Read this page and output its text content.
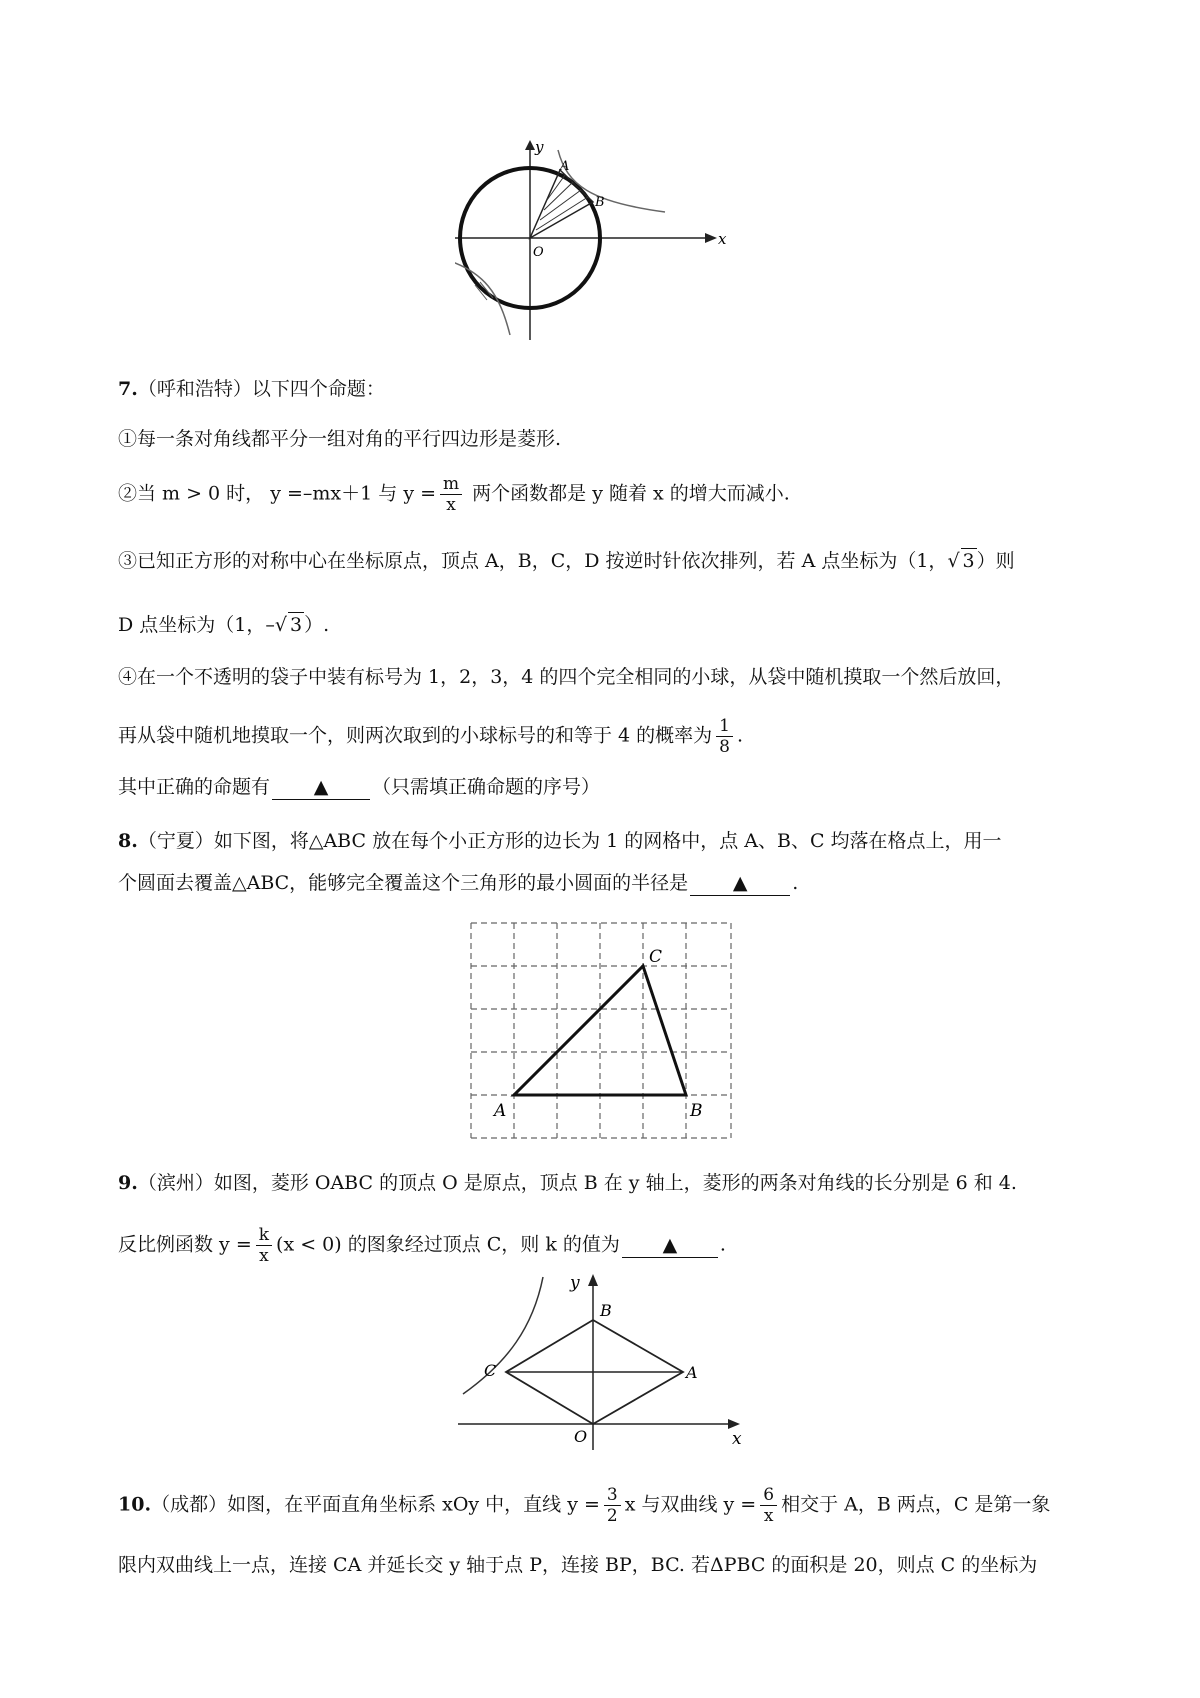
y
x
A
B
O
7.（呼和浩特）以下四个命题：
①每一条对角线都平分一组对角的平行四边形是菱形.
②当 m > 0 时， y =–mx＋1 与 $y = \frac{m}{x}$ 两个函数都是 y 随着 x 的增大而减小.
③已知正方形的对称中心在坐标原点，顶点 A，B，C，D 按逆时针依次排列，若 A 点坐标为（1，√ 3 ）则
D 点坐标为（1，–√ 3 ）.
④在一个不透明的袋子中装有标号为 1，2，3，4 的四个完全相同的小球，从袋中随机摸取一个然后放回，
再从袋中随机地摸取一个，则两次取到的小球标号的和等于 4 的概率为 $\frac{1}{8}$ .
其中正确的命题有 ▲ （只需填正确命题的序号）
8.（宁夏）如下图，将△ABC 放在每个小正方形的边长为 1 的网格中，点 A、B、C 均落在格点上，用一
个圆面去覆盖△ABC，能够完全覆盖这个三角形的最小圆面的半径是 ▲ .
A	B
C
9.（滨州）如图，菱形 OABC 的顶点 O 是原点，顶点 B 在 y 轴上，菱形的两条对角线的长分别是 6 和 4.
反比例函数 $y = \frac{k}{x} (x < 0)$ 的图象经过顶点 C，则 k 的值为 ▲ .
y
x
B
C	A
O
10.（成都）如图，在平面直角坐标系 xOy 中，直线 $y = \frac{3}{2}$ x 与双曲线 $y = \frac{6}{x}$ 相交于 A，B 两点，C 是第一象
限内双曲线上一点，连接 CA 并延长交 y 轴于点 P，连接 BP，BC. 若ΔPBC 的面积是 20，则点 C 的坐标为
